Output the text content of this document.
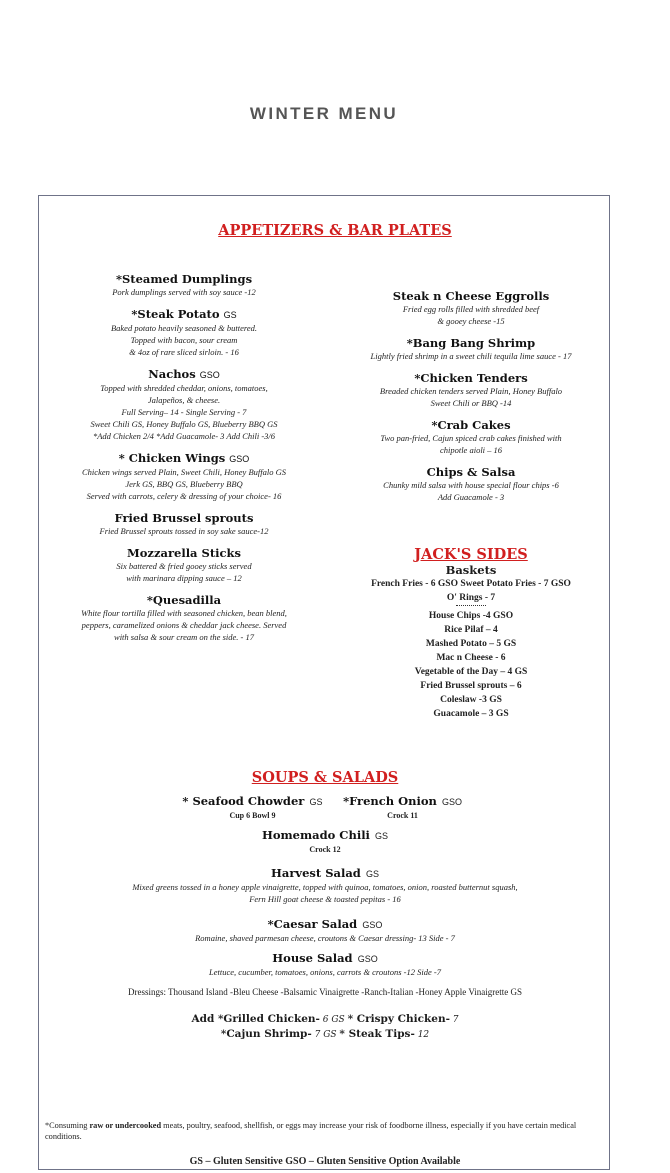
WINTER MENU
APPETIZERS & BAR PLATES
*Steamed Dumplings
Pork dumplings served with soy sauce -12
*Steak Potato GS
Baked potato heavily seasoned & buttered.
Topped with bacon, sour cream
& 4oz of rare sliced sirloin. - 16
Nachos GSO
Topped with shredded cheddar, onions, tomatoes,
Jalapeños, & cheese.
Full Serving– 14 - Single Serving - 7
Sweet Chili GS, Honey Buffalo GS, Blueberry BBQ GS
*Add Chicken 2/4 *Add Guacamole- 3 Add Chili -3/6
* Chicken Wings GSO
Chicken wings served Plain, Sweet Chili, Honey Buffalo GS
Jerk GS, BBQ GS, Blueberry BBQ
Served with carrots, celery & dressing of your choice- 16
Fried Brussel sprouts
Fried Brussel sprouts tossed in soy sake sauce-12
Mozzarella Sticks
Six battered & fried gooey sticks served
with marinara dipping sauce – 12
*Quesadilla
White flour tortilla filled with seasoned chicken, bean blend,
peppers, caramelized onions & cheddar jack cheese. Served
with salsa & sour cream on the side. - 17
Steak n Cheese Eggrolls
Fried egg rolls filled with shredded beef
& gooey cheese -15
*Bang Bang Shrimp
Lightly fried shrimp in a sweet chili tequila lime sauce - 17
*Chicken Tenders
Breaded chicken tenders served Plain, Honey Buffalo
Sweet Chili or BBQ -14
*Crab Cakes
Two pan-fried, Cajun spiced crab cakes finished with
chipotle aioli – 16
Chips & Salsa
Chunky mild salsa with house special flour chips -6
Add Guacamole - 3
JACK'S SIDES
Baskets
French Fries - 6 GSO Sweet Potato Fries - 7 GSO
O' Rings - 7
House Chips -4 GSO
Rice Pilaf – 4
Mashed Potato – 5 GS
Mac n Cheese - 6
Vegetable of the Day – 4 GS
Fried Brussel sprouts – 6
Coleslaw -3 GS
Guacamole – 3 GS
SOUPS & SALADS
* Seafood Chowder GS
Cup 6 Bowl 9
*French Onion GSO
Crock 11
Homemado Chili GS
Crock 12
Harvest Salad GS
Mixed greens tossed in a honey apple vinaigrette, topped with quinoa, tomatoes, onion, roasted butternut squash,
Fern Hill goat cheese & toasted pepitas - 16
*Caesar Salad GSO
Romaine, shaved parmesan cheese, croutons & Caesar dressing- 13 Side - 7
House Salad GSO
Lettuce, cucumber, tomatoes, onions, carrots & croutons -12 Side -7
Dressings: Thousand Island -Bleu Cheese -Balsamic Vinaigrette -Ranch-Italian -Honey Apple Vinaigrette GS
Add *Grilled Chicken- 6 GS * Crispy Chicken- 7
*Cajun Shrimp- 7 GS * Steak Tips- 12
*Consuming raw or undercooked meats, poultry, seafood, shellfish, or eggs may increase your risk of foodborne illness, especially if you have certain medical conditions.
GS – Gluten Sensitive GSO – Gluten Sensitive Option Available
